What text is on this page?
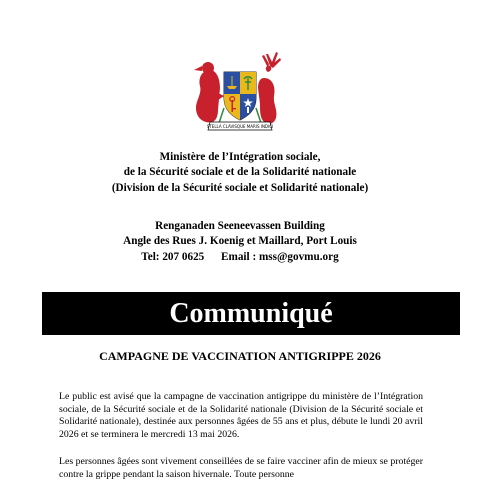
STELLA CLAVISQUE MARIS INDICI
Ministère de l’Intégration sociale,
de la Sécurité sociale et de la Solidarité nationale
(Division de la Sécurité sociale et Solidarité nationale)
Renganaden Seeneevassen Building
Angle des Rues J. Koenig et Maillard, Port Louis
Tel: 207 0625      Email : mss@govmu.org
Communiqué
CAMPAGNE DE VACCINATION ANTIGRIPPE 2026

Le public est avisé que la campagne de vaccination antigrippe du ministère de l’Intégration sociale, de la Sécurité sociale et de la Solidarité nationale (Division de la Sécurité sociale et Solidarité nationale), destinée aux personnes âgées de 55 ans et plus, débute le lundi 20 avril 2026 et se terminera le mercredi 13 mai 2026.

Les personnes âgées sont vivement conseillées de se faire vacciner afin de mieux se protéger contre la grippe pendant la saison hivernale. Toute personne
